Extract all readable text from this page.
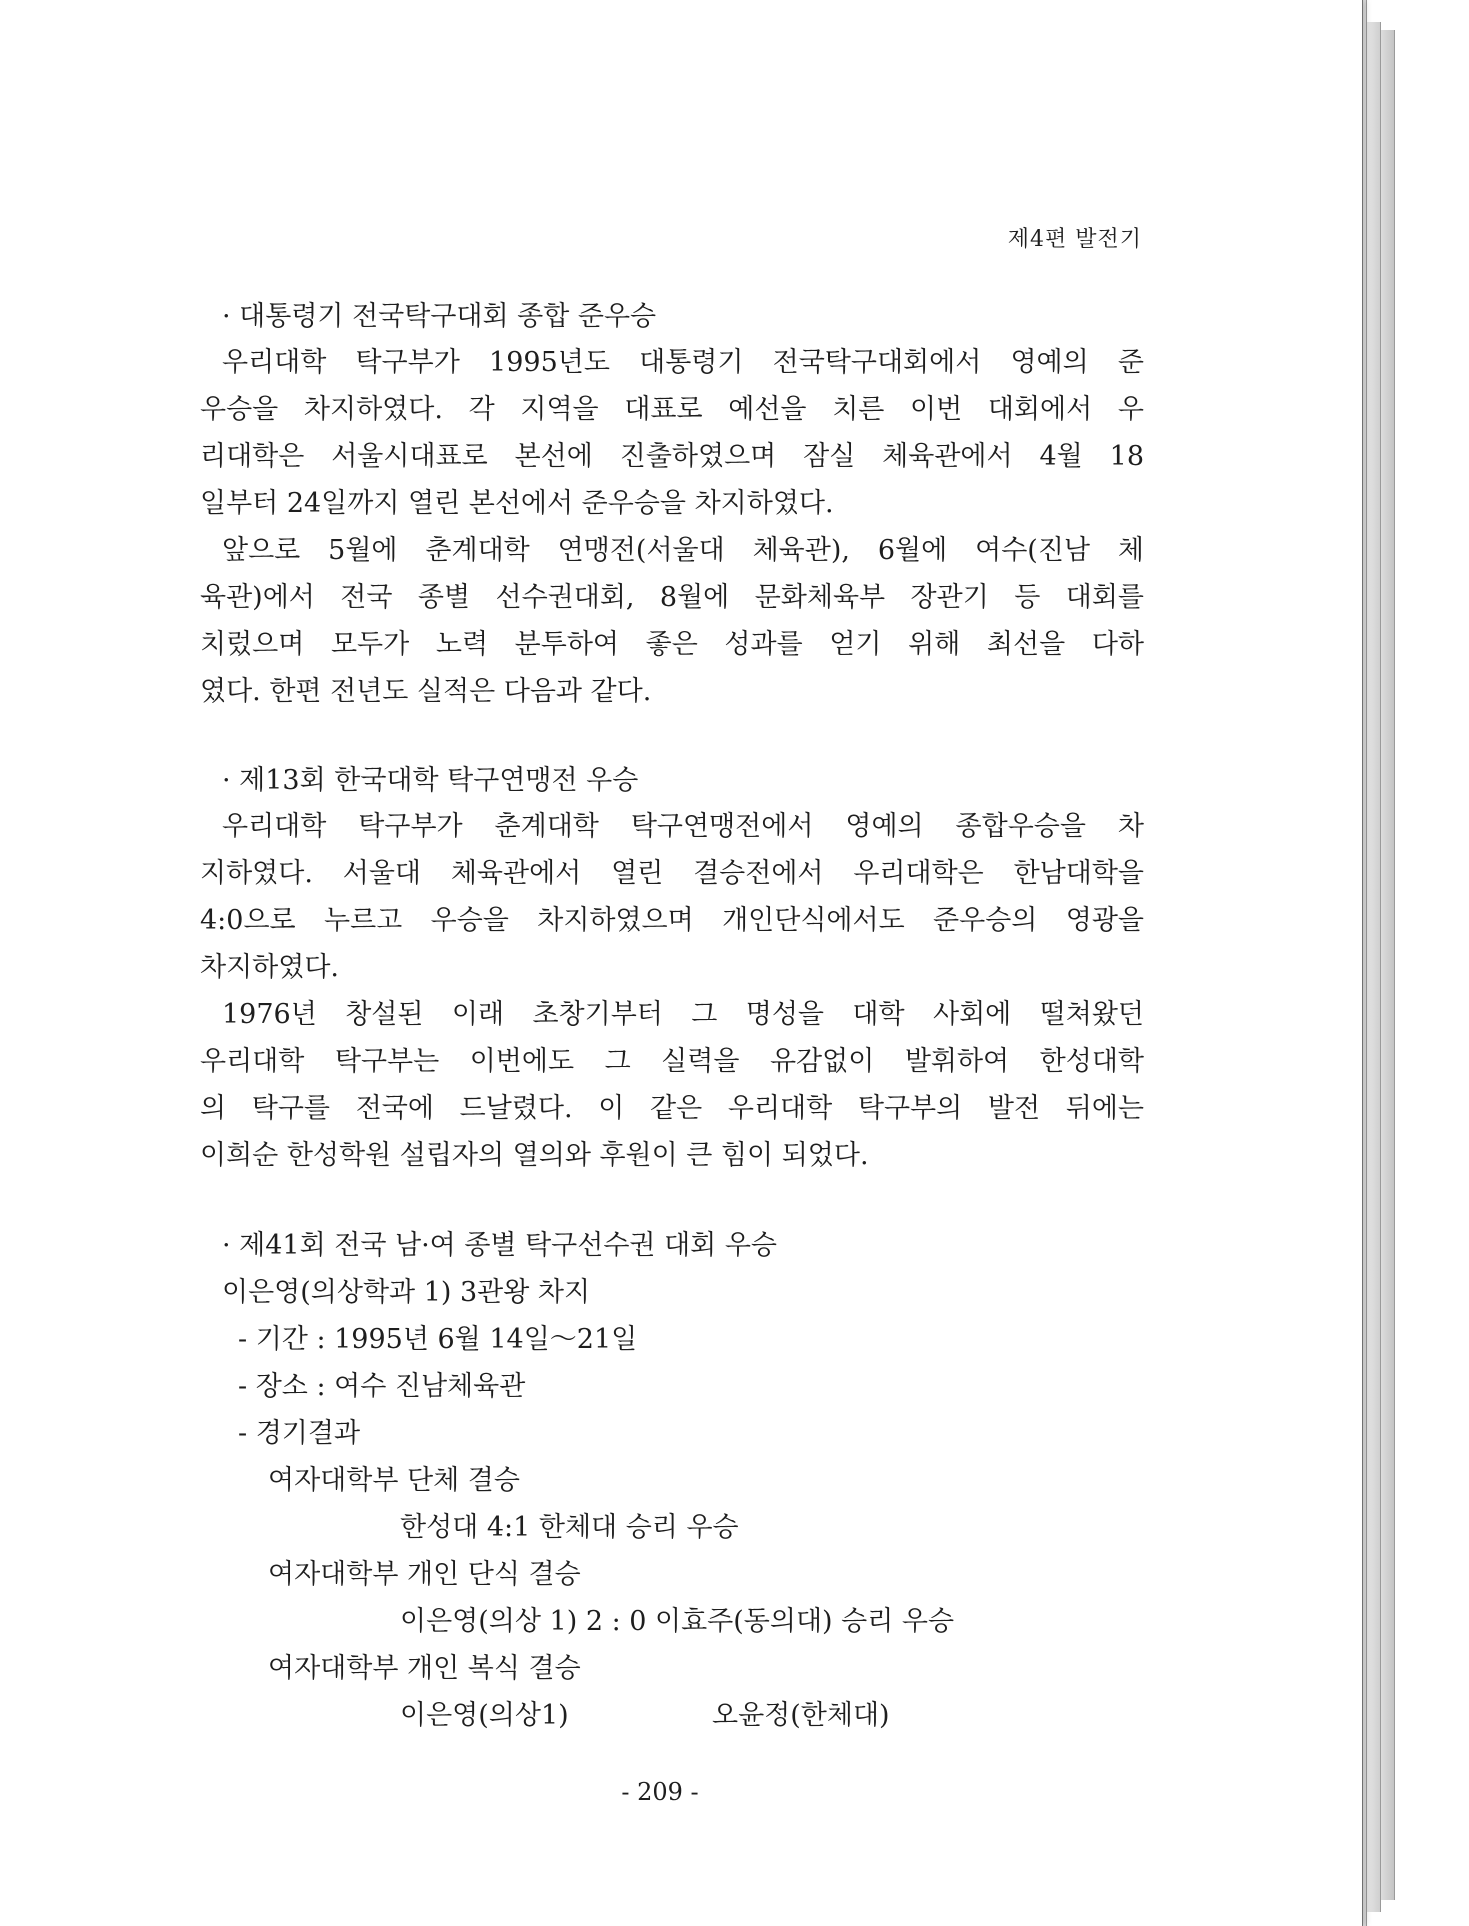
제4편 발전기
· 대통령기 전국탁구대회 종합 준우승
우리대학 탁구부가 1995년도 대통령기 전국탁구대회에서 영예의 준
우승을 차지하였다. 각 지역을 대표로 예선을 치른 이번 대회에서 우
리대학은 서울시대표로 본선에 진출하였으며 잠실 체육관에서 4월 18
일부터 24일까지 열린 본선에서 준우승을 차지하였다.
앞으로 5월에 춘계대학 연맹전(서울대 체육관), 6월에 여수(진남 체
육관)에서 전국 종별 선수권대회, 8월에 문화체육부 장관기 등 대회를
치렀으며 모두가 노력 분투하여 좋은 성과를 얻기 위해 최선을 다하
였다. 한편 전년도 실적은 다음과 같다.
· 제13회 한국대학 탁구연맹전 우승
우리대학 탁구부가 춘계대학 탁구연맹전에서 영예의 종합우승을 차
지하였다. 서울대 체육관에서 열린 결승전에서 우리대학은 한남대학을
4:0으로 누르고 우승을 차지하였으며 개인단식에서도 준우승의 영광을
차지하였다.
1976년 창설된 이래 초창기부터 그 명성을 대학 사회에 떨쳐왔던
우리대학 탁구부는 이번에도 그 실력을 유감없이 발휘하여 한성대학
의 탁구를 전국에 드날렸다. 이 같은 우리대학 탁구부의 발전 뒤에는
이희순 한성학원 설립자의 열의와 후원이 큰 힘이 되었다.
· 제41회 전국 남·여 종별 탁구선수권 대회 우승
이은영(의상학과 1) 3관왕 차지
- 기간 : 1995년 6월 14일～21일
- 장소 : 여수 진남체육관
- 경기결과
여자대학부 단체 결승
한성대 4:1 한체대 승리 우승
여자대학부 개인 단식 결승
이은영(의상 1) 2 : 0 이효주(동의대) 승리 우승
여자대학부 개인 복식 결승
이은영(의상1)	오윤정(한체대)
- 209 -
